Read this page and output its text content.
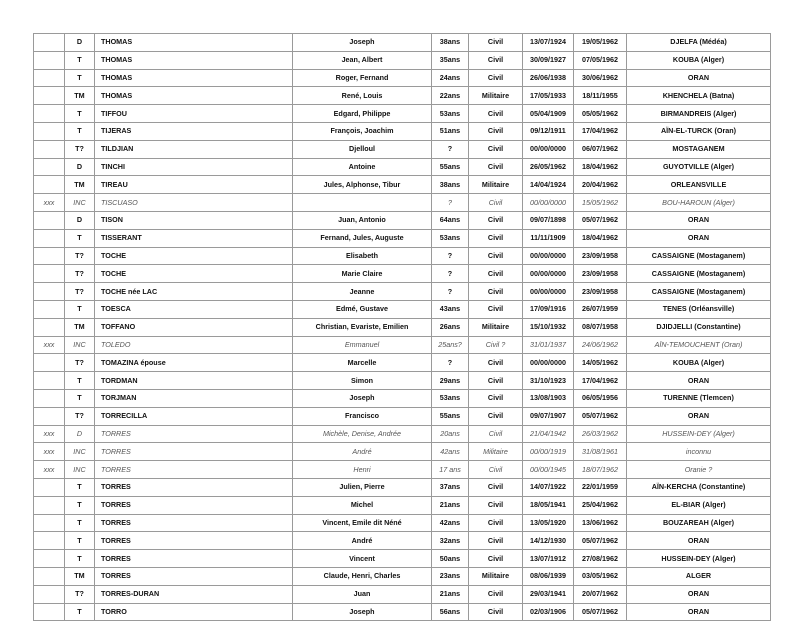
	D	THOMAS	Joseph	38ans	Civil	13/07/1924	19/05/1962	DJELFA (Médéa)
	T	THOMAS	Jean, Albert	35ans	Civil	30/09/1927	07/05/1962	KOUBA (Alger)
	T	THOMAS	Roger, Fernand	24ans	Civil	26/06/1938	30/06/1962	ORAN
	TM	THOMAS	René, Louis	22ans	Militaire	17/05/1933	18/11/1955	KHENCHELA (Batna)
	T	TIFFOU	Edgard, Philippe	53ans	Civil	05/04/1909	05/05/1962	BIRMANDREIS (Alger)
	T	TIJERAS	François, Joachim	51ans	Civil	09/12/1911	17/04/1962	AÏN-EL-TURCK (Oran)
	T?	TILDJIAN	Djelloul	?	Civil	00/00/0000	06/07/1962	MOSTAGANEM
	D	TINCHI	Antoine	55ans	Civil	26/05/1962	18/04/1962	GUYOTVILLE (Alger)
	TM	TIREAU	Jules, Alphonse, Tibur	38ans	Militaire	14/04/1924	20/04/1962	ORLEANSVILLE
xxx	INC	TISCUASO		?	Civil	00/00/0000	15/05/1962	BOU-HAROUN (Alger)
	D	TISON	Juan, Antonio	64ans	Civil	09/07/1898	05/07/1962	ORAN
	T	TISSERANT	Fernand, Jules, Auguste	53ans	Civil	11/11/1909	18/04/1962	ORAN
	T?	TOCHE	Elisabeth	?	Civil	00/00/0000	23/09/1958	CASSAIGNE (Mostaganem)
	T?	TOCHE	Marie Claire	?	Civil	00/00/0000	23/09/1958	CASSAIGNE (Mostaganem)
	T?	TOCHE née LAC	Jeanne	?	Civil	00/00/0000	23/09/1958	CASSAIGNE (Mostaganem)
	T	TOESCA	Edmé, Gustave	43ans	Civil	17/09/1916	26/07/1959	TENES (Orléansville)
	TM	TOFFANO	Christian, Evariste, Emilien	26ans	Militaire	15/10/1932	08/07/1958	DJIDJELLI (Constantine)
xxx	INC	TOLEDO	Emmanuel	25ans?	Civil ?	31/01/1937	24/06/1962	AÏN-TEMOUCHENT (Oran)
	T?	TOMAZINA épouse	Marcelle	?	Civil	00/00/0000	14/05/1962	KOUBA (Alger)
	T	TORDMAN	Simon	29ans	Civil	31/10/1923	17/04/1962	ORAN
	T	TORJMAN	Joseph	53ans	Civil	13/08/1903	06/05/1956	TURENNE (Tlemcen)
	T?	TORRECILLA	Francisco	55ans	Civil	09/07/1907	05/07/1962	ORAN
xxx	D	TORRES	Michèle, Denise, Andrée	20ans	Civil	21/04/1942	26/03/1962	HUSSEIN-DEY (Alger)
xxx	INC	TORRES	André	42ans	Militaire	00/00/1919	31/08/1961	inconnu
xxx	INC	TORRES	Henri	17 ans	Civil	00/00/1945	18/07/1962	Oranie ?
	T	TORRES	Julien, Pierre	37ans	Civil	14/07/1922	22/01/1959	AÏN-KERCHA (Constantine)
	T	TORRES	Michel	21ans	Civil	18/05/1941	25/04/1962	EL-BIAR (Alger)
	T	TORRES	Vincent, Emile dit Néné	42ans	Civil	13/05/1920	13/06/1962	BOUZAREAH (Alger)
	T	TORRES	André	32ans	Civil	14/12/1930	05/07/1962	ORAN
	T	TORRES	Vincent	50ans	Civil	13/07/1912	27/08/1962	HUSSEIN-DEY (Alger)
	TM	TORRES	Claude, Henri, Charles	23ans	Militaire	08/06/1939	03/05/1962	ALGER
	T?	TORRES-DURAN	Juan	21ans	Civil	29/03/1941	20/07/1962	ORAN
	T	TORRO	Joseph	56ans	Civil	02/03/1906	05/07/1962	ORAN
